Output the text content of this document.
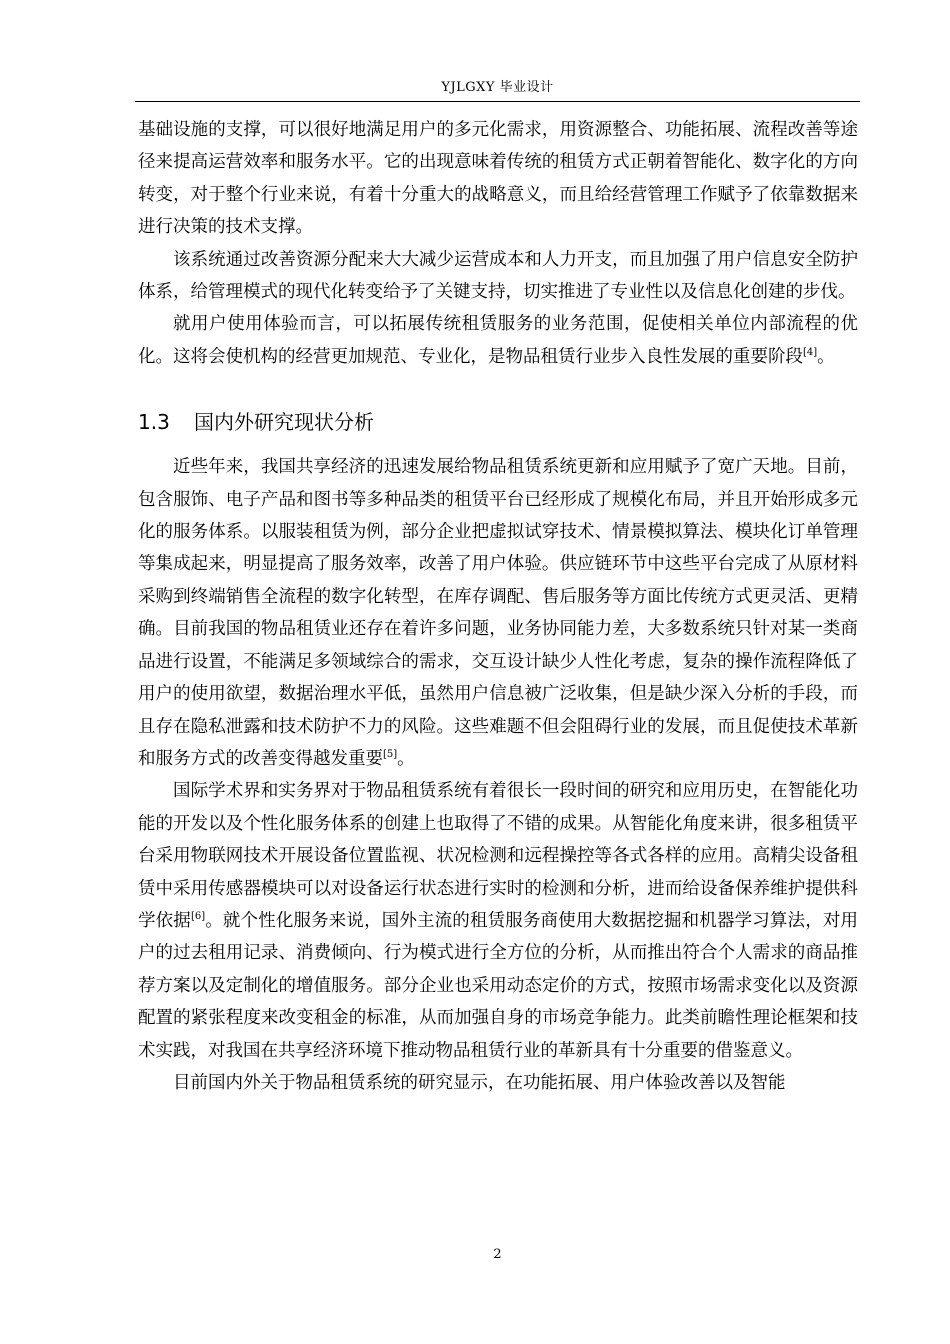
YJLGXY 毕业设计

基础设施的支撑，可以很好地满足用户的多元化需求，用资源整合、功能拓展、流程改善等途径来提高运营效率和服务水平。它的出现意味着传统的租赁方式正朝着智能化、数字化的方向转变，对于整个行业来说，有着十分重大的战略意义，而且给经营管理工作赋予了依靠数据来进行决策的技术支撑。

该系统通过改善资源分配来大大减少运营成本和人力开支，而且加强了用户信息安全防护体系，给管理模式的现代化转变给予了关键支持，切实推进了专业性以及信息化创建的步伐。

就用户使用体验而言，可以拓展传统租赁服务的业务范围，促使相关单位内部流程的优化。这将会使机构的经营更加规范、专业化，是物品租赁行业步入良性发展的重要阶段[4]。

1.3 国内外研究现状分析

近些年来，我国共享经济的迅速发展给物品租赁系统更新和应用赋予了宽广天地。目前，包含服饰、电子产品和图书等多种品类的租赁平台已经形成了规模化布局，并且开始形成多元化的服务体系。以服装租赁为例，部分企业把虚拟试穿技术、情景模拟算法、模块化订单管理等集成起来，明显提高了服务效率，改善了用户体验。供应链环节中这些平台完成了从原材料采购到终端销售全流程的数字化转型，在库存调配、售后服务等方面比传统方式更灵活、更精确。目前我国的物品租赁业还存在着许多问题，业务协同能力差，大多数系统只针对某一类商品进行设置，不能满足多领域综合的需求，交互设计缺少人性化考虑，复杂的操作流程降低了用户的使用欲望，数据治理水平低，虽然用户信息被广泛收集，但是缺少深入分析的手段，而且存在隐私泄露和技术防护不力的风险。这些难题不但会阻碍行业的发展，而且促使技术革新和服务方式的改善变得越发重要[5]。

国际学术界和实务界对于物品租赁系统有着很长一段时间的研究和应用历史，在智能化功能的开发以及个性化服务体系的创建上也取得了不错的成果。从智能化角度来讲，很多租赁平台采用物联网技术开展设备位置监视、状况检测和远程操控等各式各样的应用。高精尖设备租赁中采用传感器模块可以对设备运行状态进行实时的检测和分析，进而给设备保养维护提供科学依据[6]。就个性化服务来说，国外主流的租赁服务商使用大数据挖掘和机器学习算法，对用户的过去租用记录、消费倾向、行为模式进行全方位的分析，从而推出符合个人需求的商品推荐方案以及定制化的增值服务。部分企业也采用动态定价的方式，按照市场需求变化以及资源配置的紧张程度来改变租金的标准，从而加强自身的市场竞争能力。此类前瞻性理论框架和技术实践，对我国在共享经济环境下推动物品租赁行业的革新具有十分重要的借鉴意义。

目前国内外关于物品租赁系统的研究显示，在功能拓展、用户体验改善以及智能

2
